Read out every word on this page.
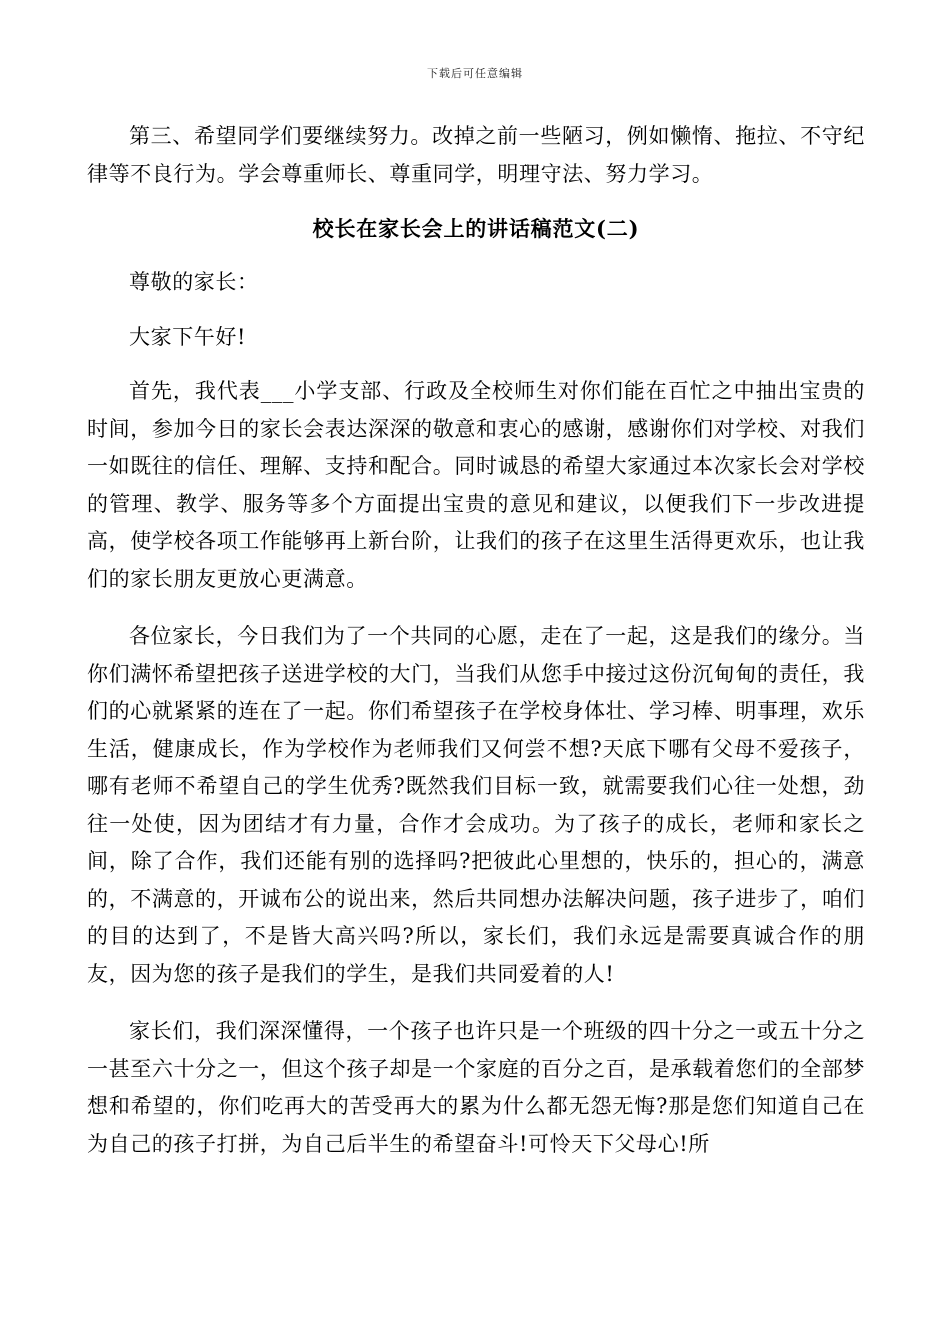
下载后可任意编辑

第三、希望同学们要继续努力。改掉之前一些陋习，例如懒惰、拖拉、不守纪律等不良行为。学会尊重师长、尊重同学，明理守法、努力学习。

校长在家长会上的讲话稿范文(二)

尊敬的家长：

大家下午好!

首先，我代表___小学支部、行政及全校师生对你们能在百忙之中抽出宝贵的时间，参加今日的家长会表达深深的敬意和衷心的感谢，感谢你们对学校、对我们一如既往的信任、理解、支持和配合。同时诚恳的希望大家通过本次家长会对学校的管理、教学、服务等多个方面提出宝贵的意见和建议，以便我们下一步改进提高，使学校各项工作能够再上新台阶，让我们的孩子在这里生活得更欢乐，也让我们的家长朋友更放心更满意。

各位家长，今日我们为了一个共同的心愿，走在了一起，这是我们的缘分。当你们满怀希望把孩子送进学校的大门，当我们从您手中接过这份沉甸甸的责任，我们的心就紧紧的连在了一起。你们希望孩子在学校身体壮、学习棒、明事理，欢乐生活，健康成长，作为学校作为老师我们又何尝不想?天底下哪有父母不爱孩子，哪有老师不希望自己的学生优秀?既然我们目标一致，就需要我们心往一处想，劲往一处使，因为团结才有力量，合作才会成功。为了孩子的成长，老师和家长之间，除了合作，我们还能有别的选择吗?把彼此心里想的，快乐的，担心的，满意的，不满意的，开诚布公的说出来，然后共同想办法解决问题，孩子进步了，咱们的目的达到了，不是皆大高兴吗?所以，家长们，我们永远是需要真诚合作的朋友，因为您的孩子是我们的学生，是我们共同爱着的人!

家长们，我们深深懂得，一个孩子也许只是一个班级的四十分之一或五十分之一甚至六十分之一，但这个孩子却是一个家庭的百分之百，是承载着您们的全部梦想和希望的，你们吃再大的苦受再大的累为什么都无怨无悔?那是您们知道自己在为自己的孩子打拼，为自己后半生的希望奋斗!可怜天下父母心!所
